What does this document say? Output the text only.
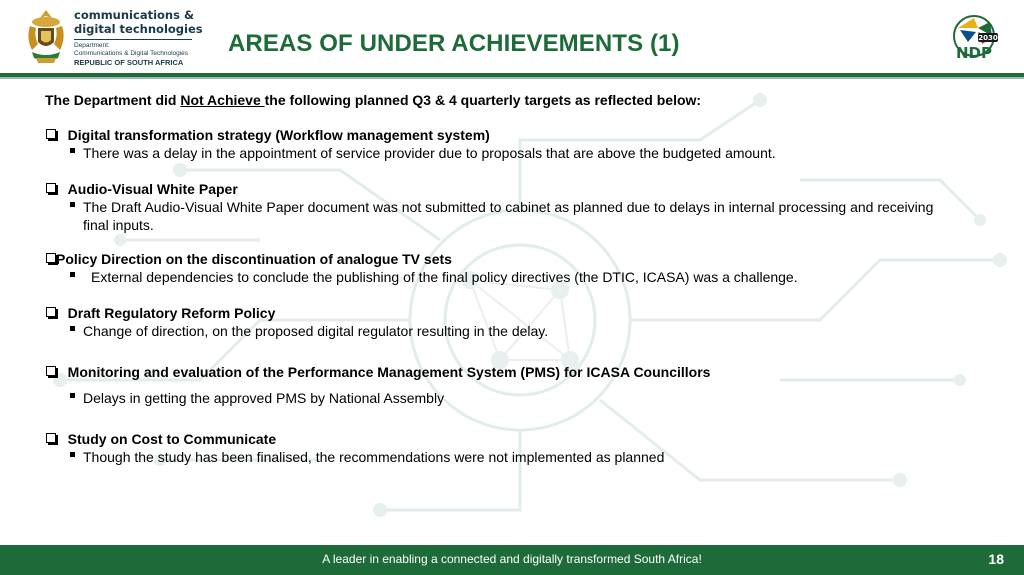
communications &
digital technologies
Department:
Communications & Digital Technologies
REPUBLIC OF SOUTH AFRICA
AREAS OF UNDER ACHIEVEMENTS (1)	2030
NDP
The Department did Not Achieve the following planned Q3 & 4 quarterly targets as reflected below:
Digital transformation strategy (Workflow management system)
There was a delay in the appointment of service provider due to proposals that are above the budgeted amount.
Audio-Visual White Paper
The Draft Audio-Visual White Paper document was not submitted to cabinet as planned due to delays in internal processing and receiving final inputs.
Policy Direction on the discontinuation of analogue TV sets
External dependencies to conclude the publishing of the final policy directives (the DTIC, ICASA) was a challenge.
Draft Regulatory Reform Policy
Change of direction, on the proposed digital regulator resulting in the delay.
Monitoring and evaluation of the Performance Management System (PMS) for ICASA Councillors
Delays in getting the approved PMS by National Assembly
Study on Cost to Communicate
Though the study has been finalised, the recommendations were not implemented as planned
A leader in enabling a connected and digitally transformed South Africa!	18
